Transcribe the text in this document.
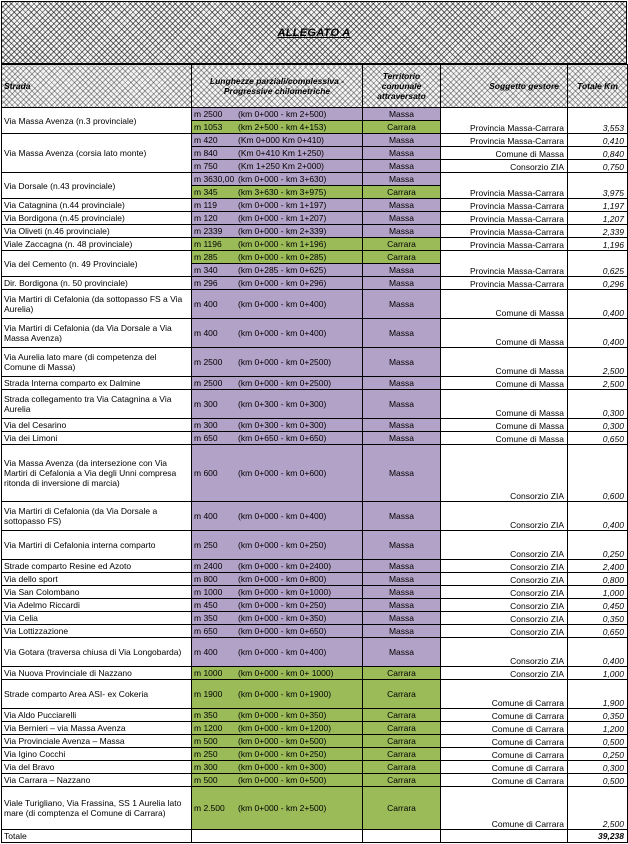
ALLEGATO A
Strada	Lunghezze parziali/complessiva - Progressive chilometriche	Territorio comunale attraversato	Soggetto gestore	Totale Km
Via Massa Avenza (n.3 provinciale)	m 2500 (km 0+000 - km 2+500)	Massa	Provincia Massa-Carrara	3,553
	m 1053 (km 2+500 - km 4+153)	Carrara		
Via Massa Avenza (corsia lato monte)	m 420 (Km 0+000 Km 0+410)	Massa	Provincia Massa-Carrara	0,410
	m 840 (Km 0+410 Km 1+250)	Massa	Comune di Massa	0,840
	m 750 (Km 1+250 Km 2+000)	Massa	Consorzio ZIA	0,750
Via Dorsale (n.43 provinciale)	m 3630,00 (km 0+000 - km 3+630)	Massa	Provincia Massa-Carrara	3,975
	m 345 (km 3+630 - km 3+975)	Carrara		
Via Catagnina (n.44 provinciale)	m 119 (km 0+000 - km 1+197)	Massa	Provincia Massa-Carrara	1,197
Via Bordigona (n.45 provinciale)	m 120 (km 0+000 - km 1+207)	Massa	Provincia Massa-Carrara	1,207
Via Oliveti (n.46 provinciale)	m 2339 (km 0+000 - km 2+339)	Massa	Provincia Massa-Carrara	2,339
Viale Zaccagna (n. 48 provinciale)	m 1196 (km 0+000 - km 1+196)	Carrara	Provincia Massa-Carrara	1,196
Via del Cemento (n. 49 Provinciale)	m 285 (km 0+000 - km 0+285)	Carrara	Provincia Massa-Carrara	0,625
	m 340 (km 0+285 - km 0+625)	Massa		
Dir. Bordigona (n. 50 provinciale)	m 296 (km 0+000 - km 0+296)	Massa	Provincia Massa-Carrara	0,296
Via Martiri di Cefalonia (da sottopasso FS a Via Aurelia)	m 400 (km 0+000 - km 0+400)	Massa	Comune di Massa	0,400
Via Martiri di Cefalonia (da Via Dorsale a Via Massa Avenza)	m 400 (km 0+000 - km 0+400)	Massa	Comune di Massa	0,400
Via Aurelia lato mare (di competenza del Comune di Massa)	m 2500 (km 0+000 - km 0+2500)	Massa	Comune di Massa	2,500
Strada Interna comparto ex Dalmine	m 2500 (km 0+000 - km 0+2500)	Massa	Comune di Massa	2,500
Strada collegamento tra Via Catagnina a Via Aurelia	m 300 (km 0+300 - km 0+300)	Massa	Comune di Massa	0,300
Via del Cesarino	m 300 (km 0+300 - km 0+300)	Massa	Comune di Massa	0,300
Via dei Limoni	m 650 (km 0+650 - km 0+650)	Massa	Comune di Massa	0,650
Via Massa Avenza (da intersezione con Via Martiri di Cefalonia a Via degli Unni compresa ritonda di inversione di marcia)	m 600 (km 0+000 - km 0+600)	Massa	Consorzio ZIA	0,600
Via Martiri di Cefalonia (da Via Dorsale a sottopasso FS)	m 400 (km 0+000 - km 0+400)	Massa	Consorzio ZIA	0,400
Via Martiri di Cefalonia interna comparto	m 250 (km 0+000 - km 0+250)	Massa	Consorzio ZIA	0,250
Strade comparto Resine ed Azoto	m 2400 (km 0+000 - km 0+2400)	Massa	Consorzio ZIA	2,400
Via dello sport	m 800 (km 0+000 - km 0+800)	Massa	Consorzio ZIA	0,800
Via San Colombano	m 1000 (km 0+000 - km 0+1000)	Massa	Consorzio ZIA	1,000
Via Adelmo Riccardi	m 450 (km 0+000 - km 0+250)	Massa	Consorzio ZIA	0,450
Via Celia	m 350 (km 0+000 - km 0+350)	Massa	Consorzio ZIA	0,350
Via Lottizzazione	m 650 (km 0+000 - km 0+650)	Massa	Consorzio ZIA	0,650
Via Gotara (traversa chiusa di Via Longobarda)	m 400 (km 0+000 - km 0+400)	Massa	Consorzio ZIA	0,400
Via Nuova Provinciale di Nazzano	m 1000 (km 0+000 - km 0+ 1000)	Carrara	Consorzio ZIA	1,000
Strade comparto Area ASI- ex Cokeria	m 1900 (km 0+000 - km 0+1900)	Carrara	Comune di Carrara	1,900
Via Aldo Pucciarelli	m 350 (km 0+000 - km 0+350)	Carrara	Comune di Carrara	0,350
Via Bernieri – via Massa Avenza	m 1200 (km 0+000 - km 0+1200)	Carrara	Comune di Carrara	1,200
Via Provinciale Avenza – Massa	m 500 (km 0+000 - km 0+500)	Carrara	Comune di Carrara	0,500
Via Igino Cocchi	m 250 (km 0+000 - km 0+250)	Carrara	Comune di Carrara	0,250
Via del Bravo	m 300 (km 0+000 - km 0+300)	Carrara	Comune di Carrara	0,300
Via Carrara – Nazzano	m 500 (km 0+000 - km 0+500)	Carrara	Comune di Carrara	0,500
Viale Turigliano, Via Frassina, SS 1 Aurelia lato mare (di comptenza el Comune di Carrara)	m 2.500 (km 0+000 - km 2+500)	Carrara	Comune di Carrara	2,500
Totale				39,238
